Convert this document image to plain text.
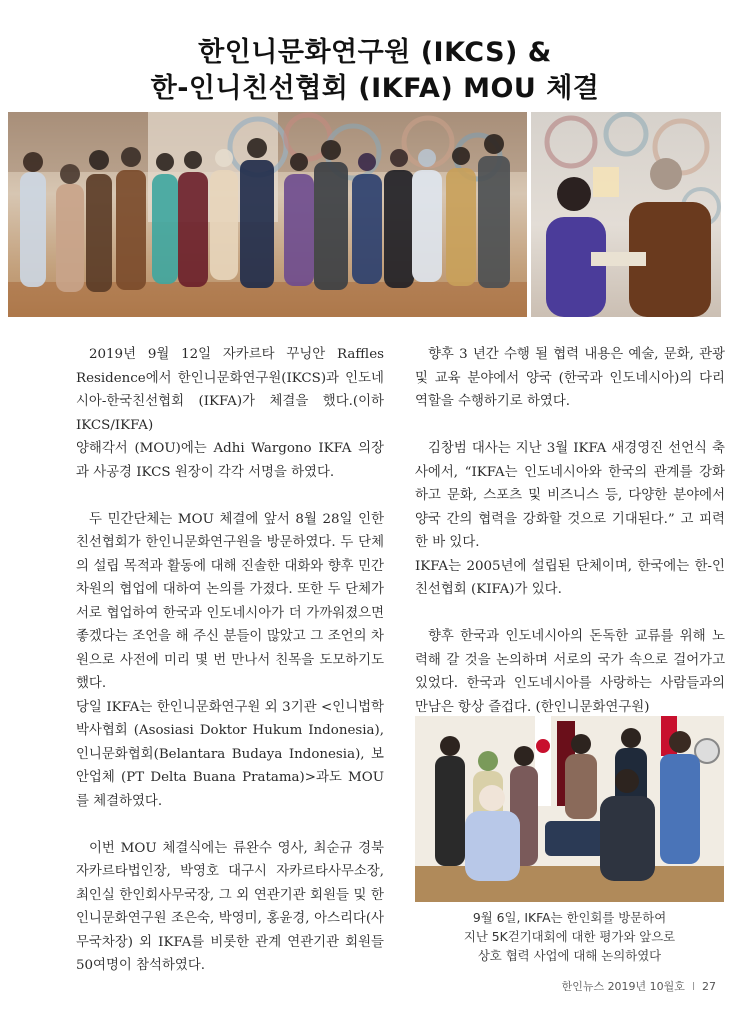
한인니문화연구원 (IKCS) &
한-인니친선협회 (IKFA) MOU 체결

2019년 9월 12일 자카르타 꾸닝안 Raffles Residence에서 한인니문화연구원(IKCS)과 인도네시아-한국친선협회 (IKFA)가 체결을 했다.(이하 IKCS/IKFA)

양해각서 (MOU)에는 Adhi Wargono IKFA 의장과 사공경 IKCS 원장이 각각 서명을 하였다.

두 민간단체는 MOU 체결에 앞서 8월 28일 인한친선협회가 한인니문화연구원을 방문하였다. 두 단체의 설립 목적과 활동에 대해 진솔한 대화와 향후 민간차원의 협업에 대하여 논의를 가졌다. 또한 두 단체가 서로 협업하여 한국과 인도네시아가 더 가까워졌으면 좋겠다는 조언을 해 주신 분들이 많았고 그 조언의 차원으로 사전에 미리 몇 번 만나서 친목을 도모하기도 했다.

당일 IKFA는 한인니문화연구원 외 3기관 <인니법학박사협회 (Asosiasi Doktor Hukum Indonesia), 인니문화협회(Belantara Budaya Indonesia), 보안업체 (PT Delta Buana Pratama)>과도 MOU를 체결하였다.

이번 MOU 체결식에는 류완수 영사, 최순규 경북 자카르타법인장, 박영호 대구시 자카르타사무소장, 최인실 한인회사무국장, 그 외 연관기관 회원들 및 한인니문화연구원 조은숙, 박영미, 홍윤경, 아스리다(사무국차장) 외 IKFA를 비롯한 관계 연관기관 회원들 50여명이 참석하였다.

향후 3 년간 수행 될 협력 내용은 예술, 문화, 관광 및 교육 분야에서 양국 (한국과 인도네시아)의 다리 역할을 수행하기로 하였다.

김창범 대사는 지난 3월 IKFA 새경영진 선언식 축사에서, “IKFA는 인도네시아와 한국의 관계를 강화하고 문화, 스포츠 및 비즈니스 등, 다양한 분야에서 양국 간의 협력을 강화할 것으로 기대된다.” 고 피력한 바 있다.

IKFA는 2005년에 설립된 단체이며, 한국에는 한-인친선협회 (KIFA)가 있다.

향후 한국과 인도네시아의 돈독한 교류를 위해 노력해 갈 것을 논의하며 서로의 국가 속으로 걸어가고 있었다. 한국과 인도네시아를 사랑하는 사람들과의 만남은 항상 즐겁다. (한인니문화연구원)

9월 6일, IKFA는 한인회를 방문하여
지난 5K걷기대회에 대한 평가와 앞으로
상호 협력 사업에 대해 논의하였다
한인뉴스 2019년 10월호 l 27
